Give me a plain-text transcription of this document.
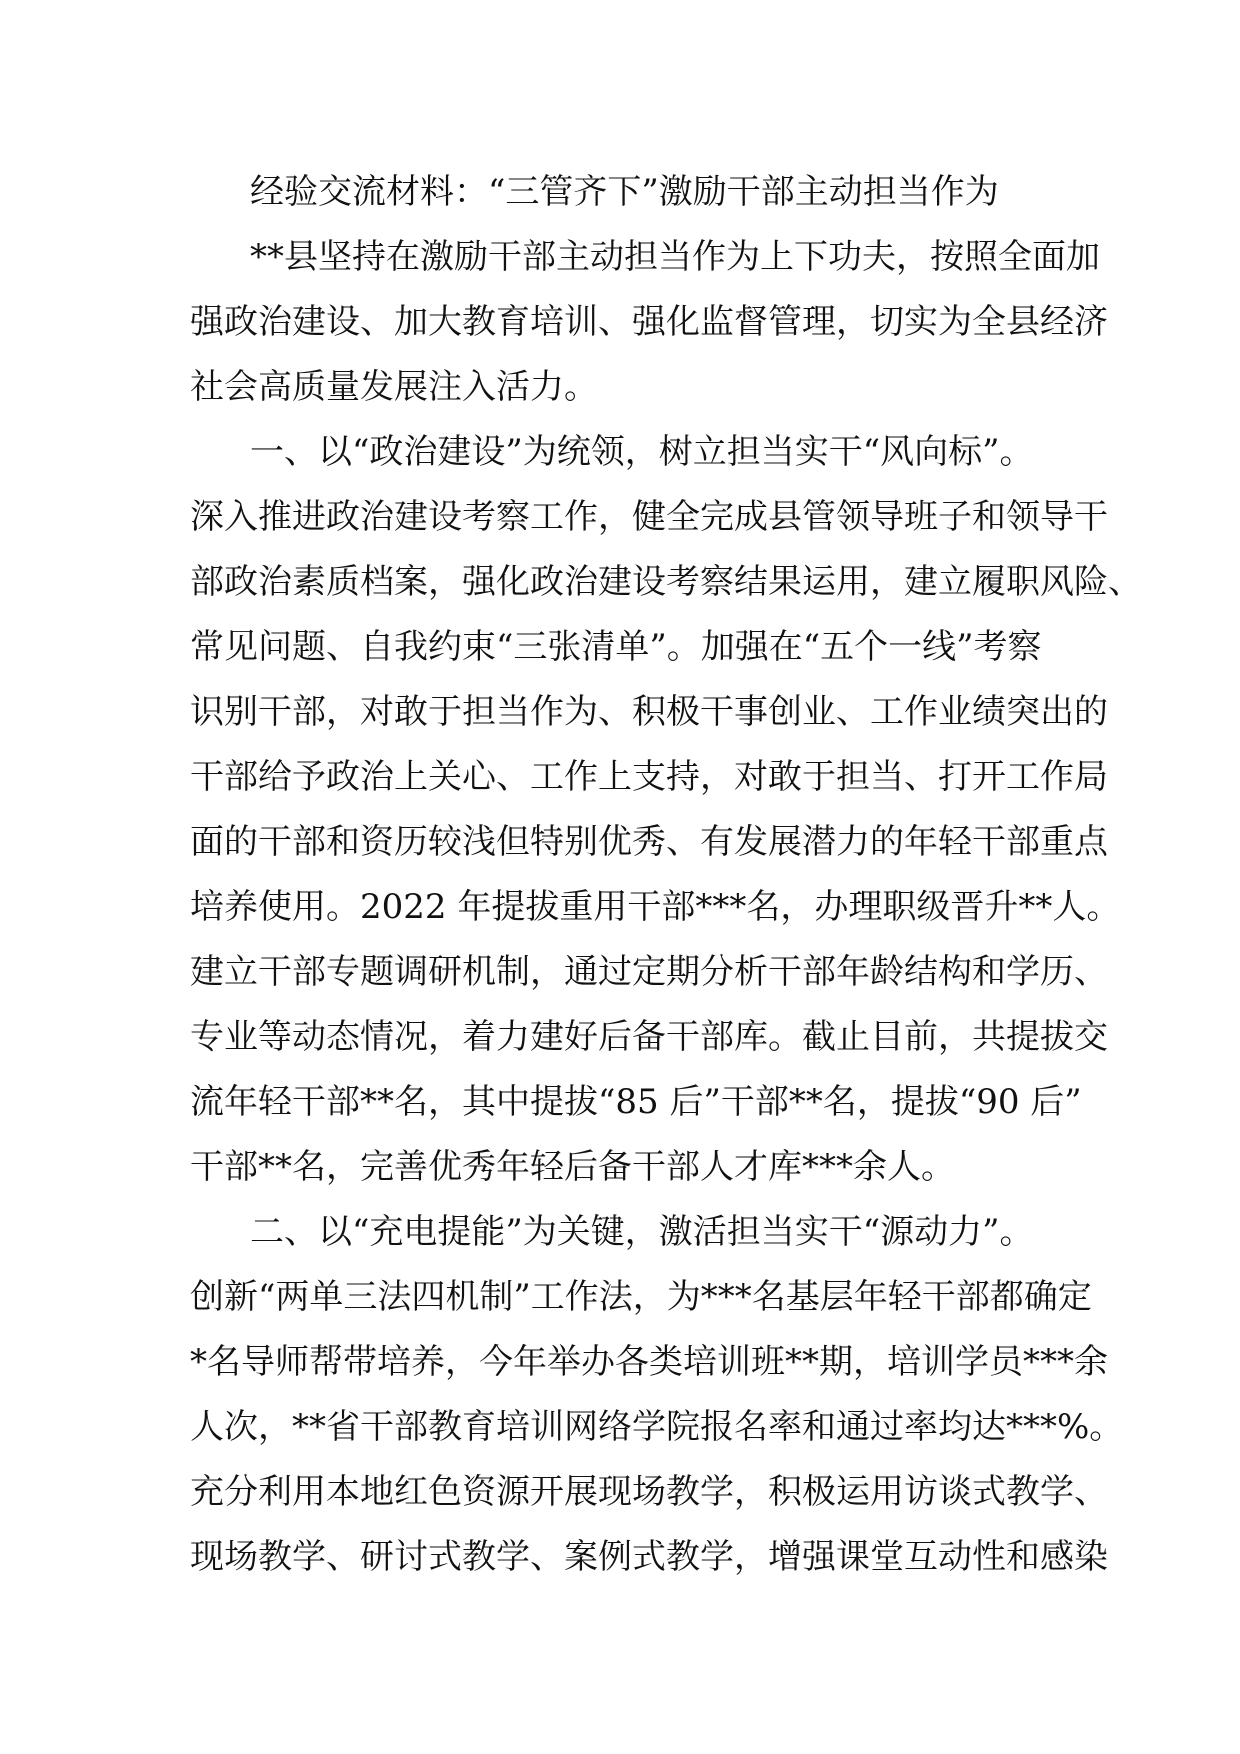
经验交流材料：“三管齐下”激励干部主动担当作为
**县坚持在激励干部主动担当作为上下功夫，按照全面加
强政治建设、加大教育培训、强化监督管理，切实为全县经济
社会高质量发展注入活力。
一、以“政治建设”为统领，树立担当实干“风向标”。
深入推进政治建设考察工作，健全完成县管领导班子和领导干
部政治素质档案，强化政治建设考察结果运用，建立履职风险、
常见问题、自我约束“三张清单”。加强在“五个一线”考察
识别干部，对敢于担当作为、积极干事创业、工作业绩突出的
干部给予政治上关心、工作上支持，对敢于担当、打开工作局
面的干部和资历较浅但特别优秀、有发展潜力的年轻干部重点
培养使用。2022 年提拔重用干部***名，办理职级晋升**人。
建立干部专题调研机制，通过定期分析干部年龄结构和学历、
专业等动态情况，着力建好后备干部库。截止目前，共提拔交
流年轻干部**名，其中提拔“85 后”干部**名，提拔“90 后”
干部**名，完善优秀年轻后备干部人才库***余人。
二、以“充电提能”为关键，激活担当实干“源动力”。
创新“两单三法四机制”工作法，为***名基层年轻干部都确定
*名导师帮带培养，今年举办各类培训班**期，培训学员***余
人次，**省干部教育培训网络学院报名率和通过率均达***%。
充分利用本地红色资源开展现场教学，积极运用访谈式教学、
现场教学、研讨式教学、案例式教学，增强课堂互动性和感染
